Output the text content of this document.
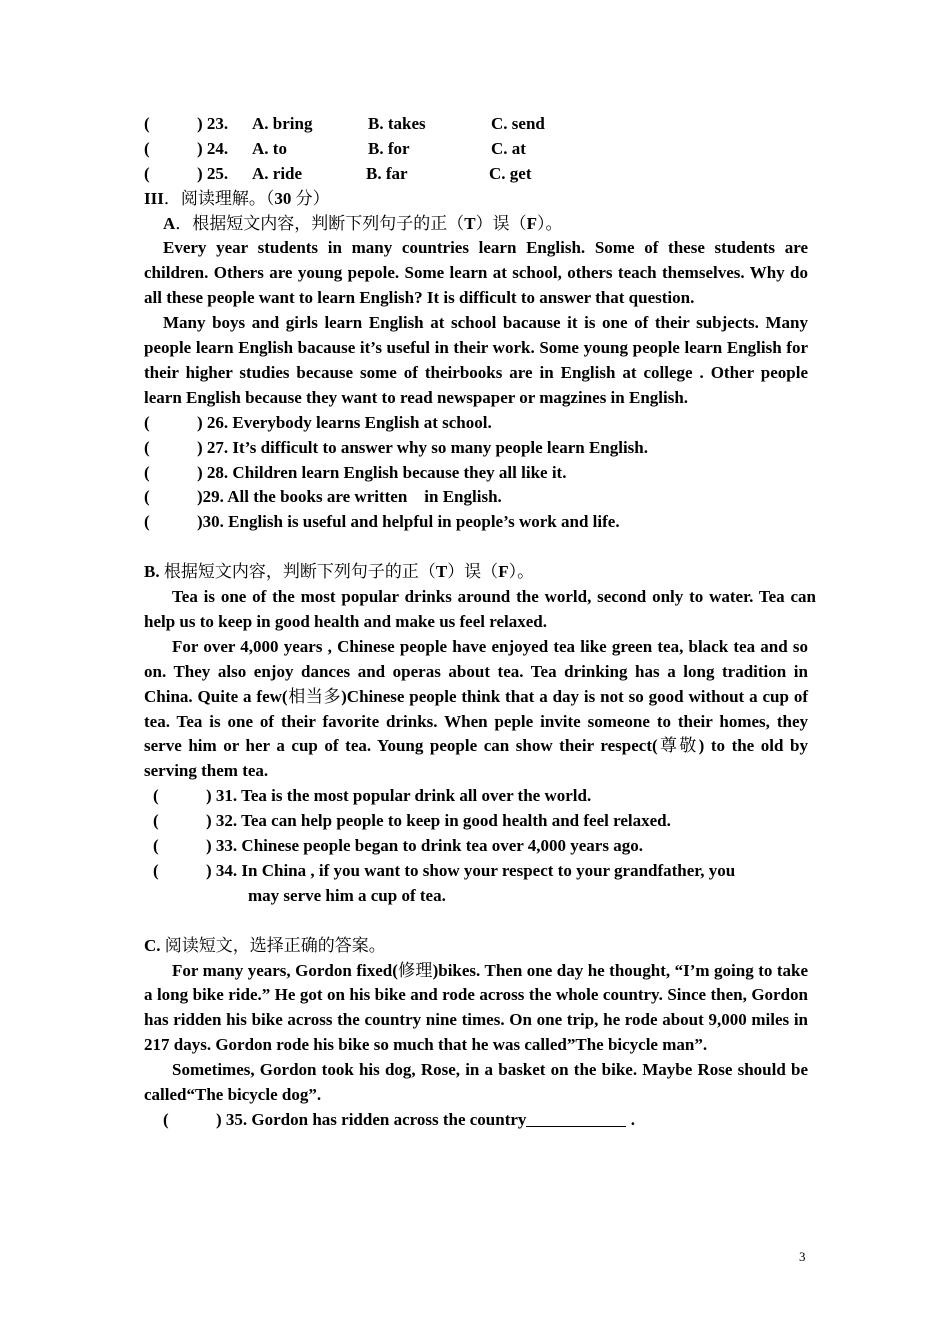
(	) 23. A. bring	B. takes	C. send
(	) 24. A. to	B. for	C. at
(	) 25. A. ride	B. far	C. get
III．阅读理解。（30 分）
A．根据短文内容，判断下列句子的正（T）误（F）。
Every year students in many countries learn English. Some of these students are children. Others are young pepole. Some learn at school, others teach themselves. Why do all these people want to learn English? It is difficult to answer that question.
Many boys and girls learn English at school bacause it is one of their subjects. Many people learn English bacause it’s useful in their work. Some young people learn English for their higher studies because some of theirbooks are in English at college . Other people learn English because they want to read newspaper or magzines in English.
(	) 26. Everybody learns English at school.
(	) 27. It’s difficult to answer why so many people learn English.
(	) 28. Children learn English because they all like it.
(	)29. All the books are written    in English.
(	)30. English is useful and helpful in people’s work and life.
B. 根据短文内容，判断下列句子的正（T）误（F）。
Tea is one of the most popular drinks around the world, second only to water. Tea can help us to keep in good health and make us feel relaxed.
For over 4,000 years , Chinese people have enjoyed tea like green tea, black tea and so on. They also enjoy dances and operas about tea. Tea drinking has a long tradition in China. Quite a few(相当多)Chinese people think that a day is not so good without a cup of tea. Tea is one of their favorite drinks. When peple invite someone to their homes, they serve him or her a cup of tea. Young people can show their respect(尊敬) to the old by serving them tea.
(	) 31. Tea is the most popular drink all over the world.
(	) 32. Tea can help people to keep in good health and feel relaxed.
(	) 33. Chinese people began to drink tea over 4,000 years ago.
(	) 34. In China , if you want to show your respect to your grandfather, you
may serve him a cup of tea.
C. 阅读短文，选择正确的答案。
For many years, Gordon fixed(修理)bikes. Then one day he thought, “I’m going to take a long bike ride.” He got on his bike and rode across the whole country. Since then, Gordon has ridden his bike across the country nine times. On one trip, he rode about 9,000 miles in 217 days. Gordon rode his bike so much that he was called”The bicycle man”.
Sometimes, Gordon took his dog, Rose, in a basket on the bike. Maybe Rose should be called“The bicycle dog”.
(	) 35. Gordon has ridden across the country	.
3
